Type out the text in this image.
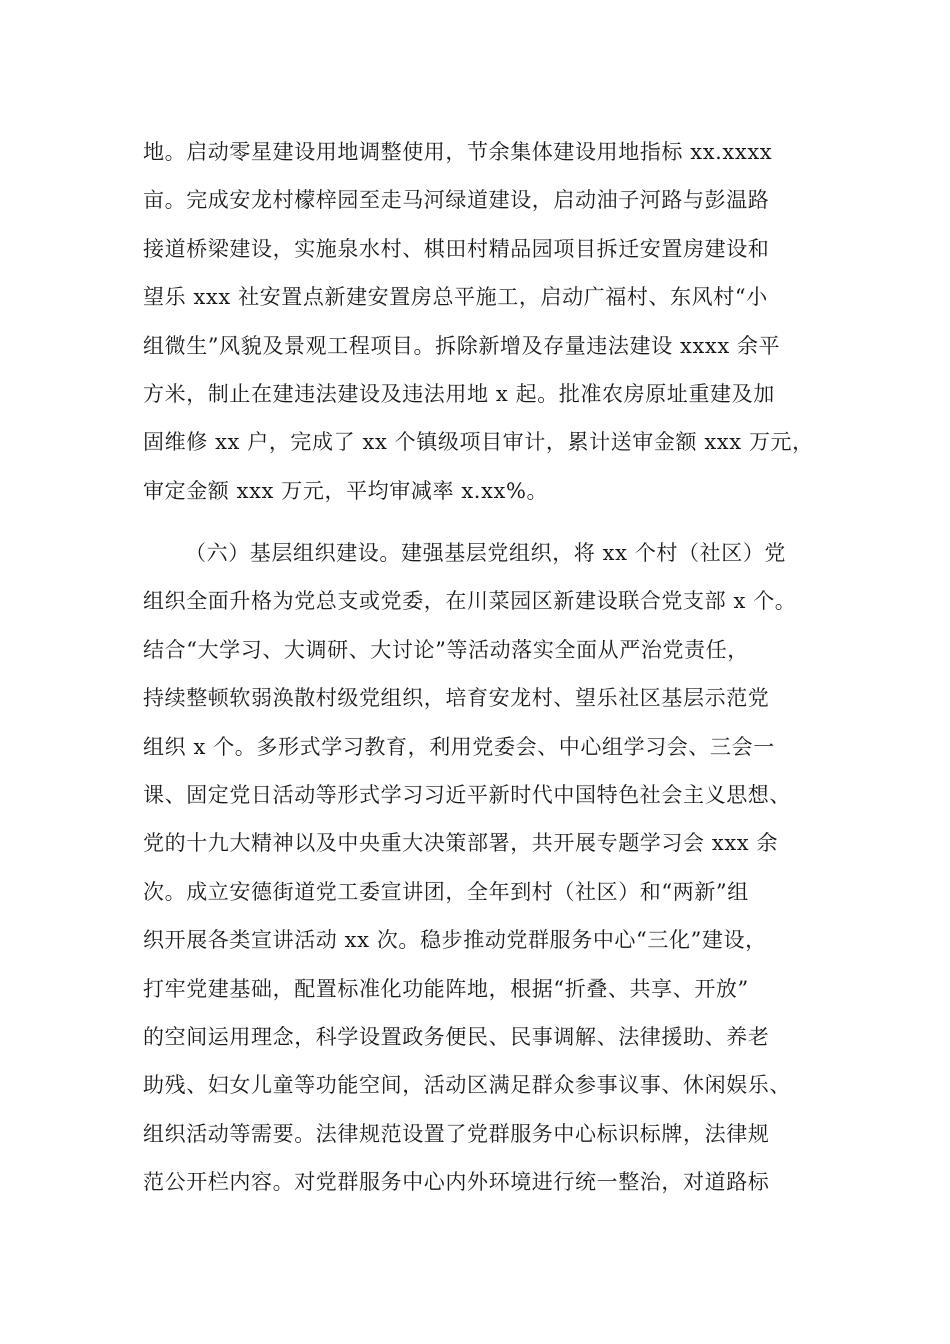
地。启动零星建设用地调整使用，节余集体建设用地指标 xx.xxxx
亩。完成安龙村檬梓园至走马河绿道建设，启动油子河路与彭温路
接道桥梁建设，实施泉水村、棋田村精品园项目拆迁安置房建设和
望乐 xxx 社安置点新建安置房总平施工，启动广福村、东风村“小
组微生”风貌及景观工程项目。拆除新增及存量违法建设 xxxx 余平
方米，制止在建违法建设及违法用地 x 起。批准农房原址重建及加
固维修 xx 户，完成了 xx 个镇级项目审计，累计送审金额 xxx 万元，
审定金额 xxx 万元，平均审减率 x.xx%。
（六）基层组织建设。建强基层党组织，将 xx 个村（社区）党
组织全面升格为党总支或党委，在川菜园区新建设联合党支部 x 个。
结合“大学习、大调研、大讨论”等活动落实全面从严治党责任，
持续整顿软弱涣散村级党组织，培育安龙村、望乐社区基层示范党
组织 x 个。多形式学习教育，利用党委会、中心组学习会、三会一
课、固定党日活动等形式学习习近平新时代中国特色社会主义思想、
党的十九大精神以及中央重大决策部署，共开展专题学习会 xxx 余
次。成立安德街道党工委宣讲团，全年到村（社区）和“两新”组
织开展各类宣讲活动 xx 次。稳步推动党群服务中心“三化”建设，
打牢党建基础，配置标准化功能阵地，根据“折叠、共享、开放”
的空间运用理念，科学设置政务便民、民事调解、法律援助、养老
助残、妇女儿童等功能空间，活动区满足群众参事议事、休闲娱乐、
组织活动等需要。法律规范设置了党群服务中心标识标牌，法律规
范公开栏内容。对党群服务中心内外环境进行统一整治，对道路标
